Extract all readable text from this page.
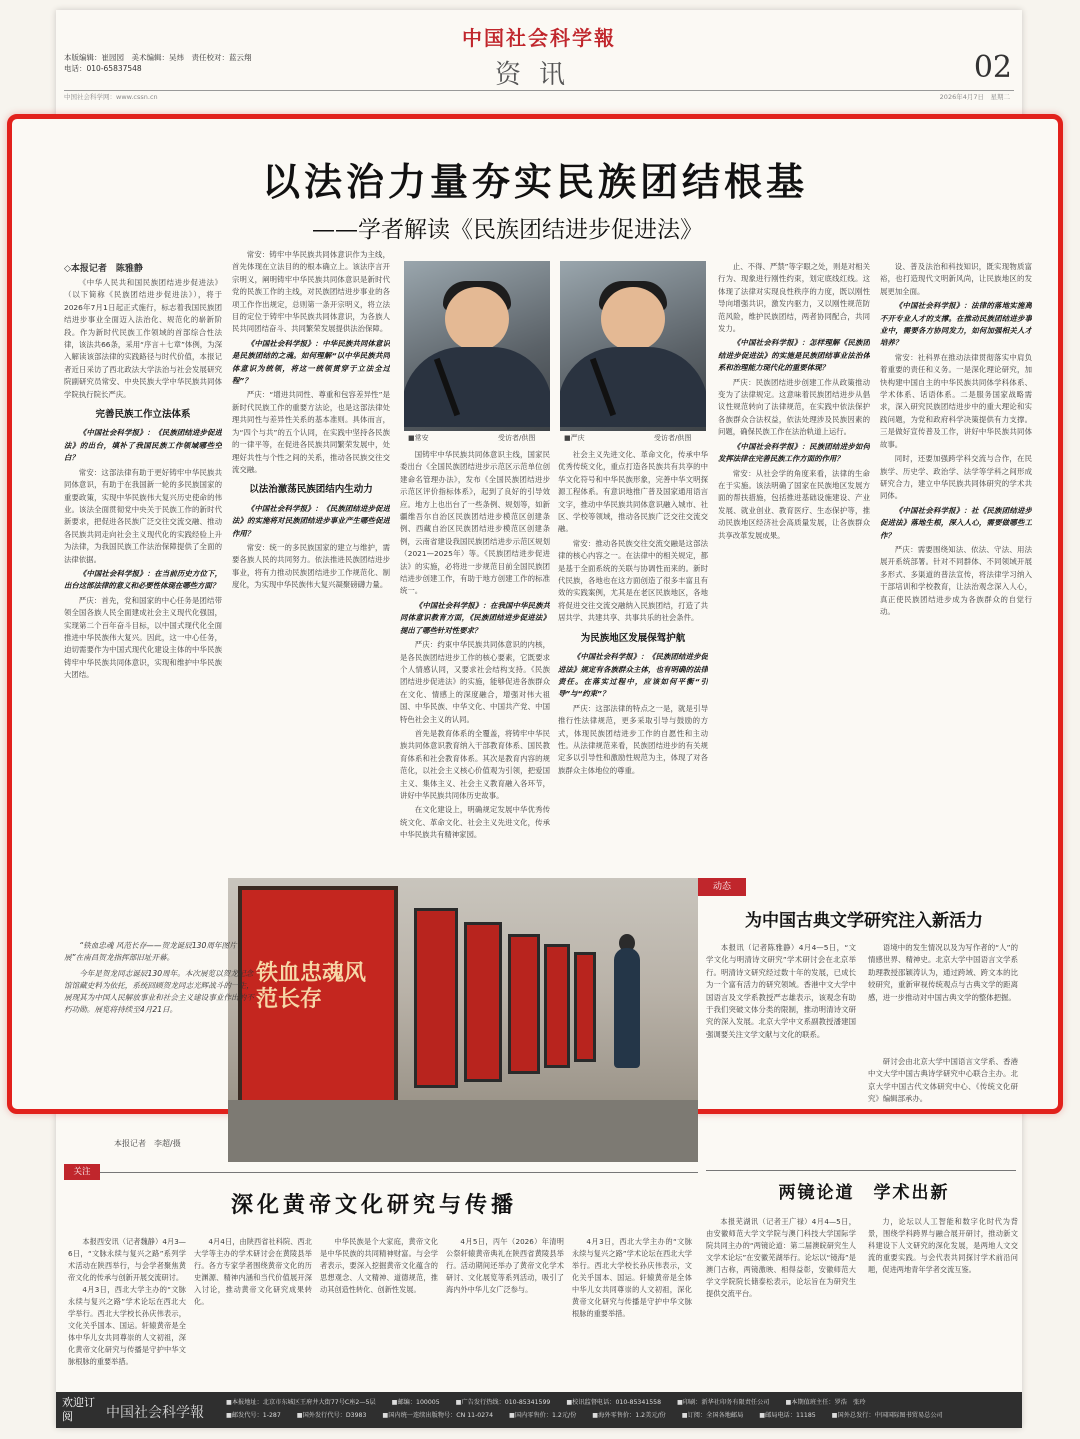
中国社会科学報
本版编辑：崔园园　美术编辑：吴炜　责任校对：蓝云翔
电话：010-65837548	资讯	02
中国社会科学网：www.cssn.cn	2026年4月7日　星期二
以法治力量夯实民族团结根基
——学者解读《民族团结进步促进法》
◇本报记者　陈雅静

《中华人民共和国民族团结进步促进法》（以下简称《民族团结进步促进法》），将于2026年7月1日起正式施行，标志着我国民族团结进步事业全面迈入法治化、规范化的崭新阶段。作为新时代民族工作领域的首部综合性法律，该法共66条，采用“序言＋七章”体例，为深入解读该部法律的实践路径与时代价值，本报记者近日采访了西北政法大学法治与社会发展研究院副研究员常安、中央民族大学中华民族共同体学院执行院长严庆。

完善民族工作立法体系

《中国社会科学报》：《民族团结进步促进法》的出台，填补了我国民族工作领域哪些空白？

常安：这部法律有助于更好铸牢中华民族共同体意识，有助于在我国新一轮的多民族国家的重要政策，实现中华民族伟大复兴历史使命的伟业。该法全面贯彻党中央关于民族工作的新时代新要求，把促进各民族广泛交往交流交融、推动各民族共同走向社会主义现代化的实践经验上升为法律，为我国民族工作法治保障提供了全面的法律依据。

《中国社会科学报》：在当前历史方位下，出台这部法律的意义和必要性体现在哪些方面？

严庆：首先，党和国家的中心任务是团结带领全国各族人民全面建成社会主义现代化强国，实现第二个百年奋斗目标，以中国式现代化全面推进中华民族伟大复兴。因此，这一中心任务，迫切需要作为中国式现代化建设主体的中华民族铸牢中华民族共同体意识，实现和维护中华民族大团结。

常安：铸牢中华民族共同体意识作为主线，首先体现在立法目的的根本确立上。该法序言开宗明义，阐明铸牢中华民族共同体意识是新时代党的民族工作的主线，对民族团结进步事业的各项工作作出规定，总则第一条开宗明义，将立法目的定位于铸牢中华民族共同体意识，为各族人民共同团结奋斗、共同繁荣发展提供法治保障。

《中国社会科学报》：中华民族共同体意识是民族团结的之魂。如何理解“以中华民族共同体意识为统领，将这一统领贯穿于立法全过程”？

严庆：“增进共同性、尊重和包容差异性”是新时代民族工作的重要方法论，也是这部法律处理共同性与差异性关系的基本准则。具体而言，为“四个与共”的五个认同，在实践中坚持各民族的一律平等，在促进各民族共同繁荣发展中，处理好共性与个性之间的关系，推动各民族交往交流交融。

以法治激荡民族团结内生动力

《中国社会科学报》：《民族团结进步促进法》的实施将对民族团结进步事业产生哪些促进作用？

常安：统一的多民族国家的建立与维护，需要各族人民的共同努力。依法推进民族团结进步事业，将有力推动民族团结进步工作规范化、制度化，为实现中华民族伟大复兴凝聚磅礴力量。

■常安	受访者/供图	■严庆	受访者/供图

国铸牢中华民族共同体意识主线，国家民委出台《全国民族团结进步示范区示范单位创建命名管理办法》，发布《全国民族团结进步示范区评价指标体系》，起到了良好的引导效应。地方上也出台了一些条例、规划等，如新疆维吾尔自治区民族团结进步模范区创建条例、西藏自治区民族团结进步模范区创建条例，云南省建设我国民族团结进步示范区规划（2021—2025年）等。《民族团结进步促进法》的实施，必将进一步规范目前全国民族团结进步创建工作，有助于地方创建工作的标准统一。

《中国社会科学报》：在我国中华民族共同体意识教育方面，《民族团结进步促进法》提出了哪些针对性要求？

严庆：约束中华民族共同体意识的内核，是各民族团结进步工作的核心要素，它既要求个人情感认同，又要求社会结构支持。《民族团结进步促进法》的实施，能够促进各族群众在文化、情感上的深度融合，增强对伟大祖国、中华民族、中华文化、中国共产党、中国特色社会主义的认同。

首先是教育体系的全覆盖，将铸牢中华民族共同体意识教育纳入干部教育体系、国民教育体系和社会教育体系。其次是教育内容的规范化，以社会主义核心价值观为引领，把爱国主义、集体主义、社会主义教育融入各环节，讲好中华民族共同体历史故事。

在文化建设上，明确规定发展中华优秀传统文化、革命文化、社会主义先进文化，传承中华民族共有精神家园。

社会主义先进文化、革命文化，传承中华优秀传统文化，重点打造各民族共有共享的中华文化符号和中华民族形象，完善中华文明探源工程体系。有意识地推广普及国家通用语言文字，推动中华民族共同体意识融入城市、社区、学校等领域，推动各民族广泛交往交流交融。

常安：推动各民族交往交流交融是这部法律的核心内容之一。在法律中的相关规定，都是基于全面系统的关联与协调性而来的。新时代民族，各地也在这方面创造了很多丰富且有效的实践案例，尤其是在老区民族地区，各地将促进交往交流交融纳入民族团结，打造了共居共学、共建共享、共事共乐的社会条件。

为民族地区发展保驾护航

《中国社会科学报》：《民族团结进步促进法》规定有各族群众主体，也有明确的法律责任。在落实过程中，应该如何平衡“引导”与“约束”？

严庆：这部法律的特点之一是，就是引导推行性法律规范，更多采取引导与鼓励的方式，体现民族团结进步工作的自愿性和主动性。从法律规范来看，民族团结进步的有关规定多以引导性和激励性规范为主，体现了对各族群众主体地位的尊重。

止、不得、严禁”等字眼之处，则是对相关行为、现象进行刚性约束，划定底线红线。这体现了法律对实现良性秩序的力度，既以刚性导向增强共识，激发内驱力，又以刚性规范防范风险，维护民族团结，两者协同配合，共同发力。

《中国社会科学报》：怎样理解《民族团结进步促进法》的实施是民族团结事业法治体系和治理能力现代化的重要体现？

严庆：民族团结进步创建工作从政策推动变为了法律规定。这意味着民族团结进步从倡议性规范转向了法律规范，在实践中依法保护各族群众合法权益，依法处理涉及民族因素的问题，确保民族工作在法治轨道上运行。

《中国社会科学报》：民族团结进步如何发挥法律在完善民族工作方面的作用？

常安：从社会学的角度来看，法律的生命在于实施。该法明确了国家在民族地区发展方面的帮扶措施，包括推进基础设施建设、产业发展、就业创业、教育医疗、生态保护等，推动民族地区经济社会高质量发展，让各族群众共享改革发展成果。

设、普及法治和科技知识，既实现物质富裕，也打造现代文明新风尚，让民族地区的发展更加全面。

《中国社会科学报》：法律的落地实施离不开专业人才的支撑。在推动民族团结进步事业中，需要各方协同发力，如何加强相关人才培养？

常安：社科界在推动法律贯彻落实中肩负着重要的责任和义务。一是深化理论研究，加快构建中国自主的中华民族共同体学科体系、学术体系、话语体系。二是服务国家战略需求，深入研究民族团结进步中的重大理论和实践问题，为党和政府科学决策提供有力支撑。三是做好宣传普及工作，讲好中华民族共同体故事。

同时，还要加强跨学科交流与合作，在民族学、历史学、政治学、法学等学科之间形成研究合力，建立中华民族共同体研究的学术共同体。

《中国社会科学报》：社《民族团结进步促进法》落地生根，深入人心，需要做哪些工作？

严庆：需要围绕知法、依法、守法、用法展开系统部署。针对不同群体、不同领域开展多形式、多渠道的普法宣传，将法律学习纳入干部培训和学校教育，让法治观念深入人心，真正使民族团结进步成为各族群众的自觉行动。

铁血忠魂风范长存

“铁血忠魂 风范长存——贺龙诞辰130周年图片展”在南昌贺龙指挥部旧址开幕。

今年是贺龙同志诞辰130周年。本次展览以贺龙纪念馆馆藏史料为依托，系统回顾贺龙同志光辉战斗的一生，展现其为中国人民解放事业和社会主义建设事业作出的不朽功勋。展览将持续至4月21日。

本报记者　李超/摄
动态
为中国古典文学研究注入新活力

本报讯（记者陈雅静）4月4—5日，“文学文化与明清诗文研究”学术研讨会在北京举行。明清诗文研究经过数十年的发展，已成长为一个富有活力的研究领域。香港中文大学中国语言及文学系教授严志雄表示，该观念有助于我们突破文体分类的限制，推动明清诗文研究的深入发展。北京大学中文系副教授潘建国强调要关注文学文献与文化的联系。

语境中的发生情况以及为写作者的“人”的情感世界、精神史。北京大学中国语言文学系助理教授邵颖涛认为，通过跨域、跨文本的比较研究，重新审视传统观点与古典文学的距离感，进一步推动对中国古典文学的整体把握。

研讨会由北京大学中国语言文学系、香港中文大学中国古典诗学研究中心联合主办。北京大学中国古代文体研究中心、《传统文化研究》编辑部承办。

关注
深化黄帝文化研究与传播

本报西安讯（记者魏静）4月3—6日，“文脉永续与复兴之路”系列学术活动在陕西举行，与会学者聚焦黄帝文化的传承与创新开展交流研讨。

4月3日，西北大学主办的“文脉永续与复兴之路”学术论坛在西北大学举行。西北大学校长孙庆伟表示，文化关乎国本、国运。轩辕黄帝是全体中华儿女共同尊崇的人文初祖，深化黄帝文化研究与传播是守护中华文脉根脉的重要举措。

4月4日，由陕西省社科院、西北大学等主办的学术研讨会在黄陵县举行。各方专家学者围绕黄帝文化的历史渊源、精神内涵和当代价值展开深入讨论，推动黄帝文化研究成果转化。

中华民族是个大家庭，黄帝文化是中华民族的共同精神财富。与会学者表示，要深入挖掘黄帝文化蕴含的思想观念、人文精神、道德规范，推动其创造性转化、创新性发展。

4月5日，丙午（2026）年清明公祭轩辕黄帝典礼在陕西省黄陵县举行。活动期间还举办了黄帝文化学术研讨、文化展览等系列活动，吸引了海内外中华儿女广泛参与。

4月3日，西北大学主办的“文脉永续与复兴之路”学术论坛在西北大学举行。西北大学校长孙庆伟表示，文化关乎国本、国运。轩辕黄帝是全体中华儿女共同尊崇的人文初祖，深化黄帝文化研究与传播是守护中华文脉根脉的重要举措。

两镜论道　学术出新

本报芜湖讯（记者王广禄）4月4—5日，由安徽师范大学文学院与澳门科技大学国际学院共同主办的“两镜论道：第二届澳皖研究生人文学术论坛”在安徽芜湖举行。论坛以“镜海”是澳门古称，两镜激映、相得益彰，安徽师范大学文学院院长储泰松表示，论坛旨在为研究生提供交流平台。

力，论坛以人工智能和数字化时代为背景，围绕学科跨界与融合展开研讨，推动新文科建设下人文研究的深化发展，是两地人文交流的重要实践。与会代表共同探讨学术前沿问题，促进两地青年学者交流互鉴。

欢迎订阅	中国社会科学報
■本报地址：北京市东城区王府井大街77号C座2—5层	■邮编：100005	■广告发行热线：010-85341599	■校讯监督电话：010-85341558	■印刷：新华社印务有限责任公司	■本期值班主任：罗浩　张玲
■邮发代号：1-287	■国外发行代号：D3983	■国内统一连续出版物号：CN 11-0274	■国内零售价：1.2元/份	■海外零售价：1.2美元/份	■订阅：全国各地邮局	■邮局电话：11185	■国外总发行：中国国际图书贸易总公司
